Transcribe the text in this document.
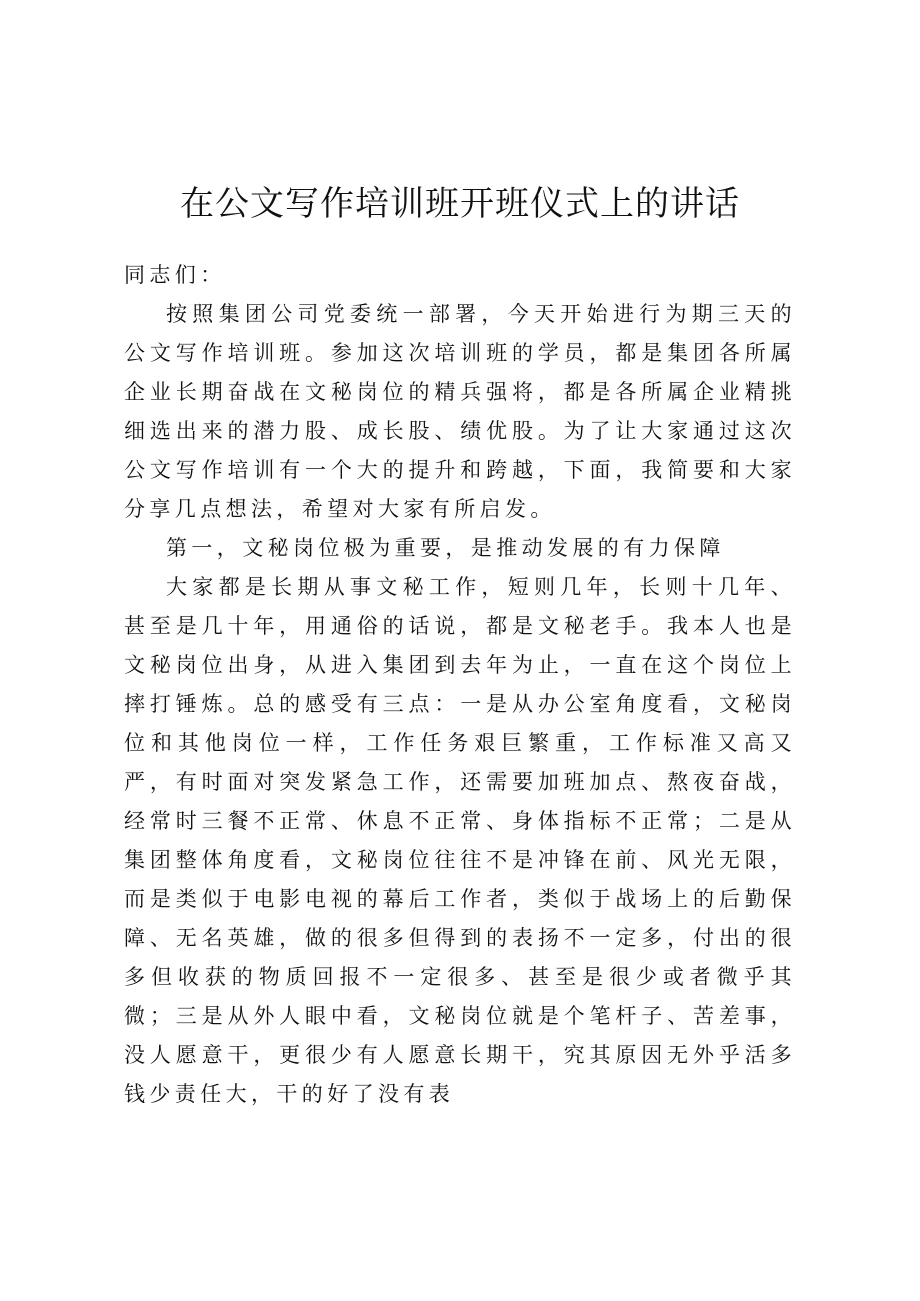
在公文写作培训班开班仪式上的讲话

同志们：

按照集团公司党委统一部署，今天开始进行为期三天的公文写作培训班。参加这次培训班的学员，都是集团各所属企业长期奋战在文秘岗位的精兵强将，都是各所属企业精挑细选出来的潜力股、成长股、绩优股。为了让大家通过这次公文写作培训有一个大的提升和跨越，下面，我简要和大家分享几点想法，希望对大家有所启发。

第一，文秘岗位极为重要，是推动发展的有力保障

大家都是长期从事文秘工作，短则几年，长则十几年、甚至是几十年，用通俗的话说，都是文秘老手。我本人也是文秘岗位出身，从进入集团到去年为止，一直在这个岗位上摔打锤炼。总的感受有三点：一是从办公室角度看，文秘岗位和其他岗位一样，工作任务艰巨繁重，工作标准又高又严，有时面对突发紧急工作，还需要加班加点、熬夜奋战，经常时三餐不正常、休息不正常、身体指标不正常；二是从集团整体角度看，文秘岗位往往不是冲锋在前、风光无限，而是类似于电影电视的幕后工作者，类似于战场上的后勤保障、无名英雄，做的很多但得到的表扬不一定多，付出的很多但收获的物质回报不一定很多、甚至是很少或者微乎其微；三是从外人眼中看，文秘岗位就是个笔杆子、苦差事，没人愿意干，更很少有人愿意长期干，究其原因无外乎活多钱少责任大，干的好了没有表
